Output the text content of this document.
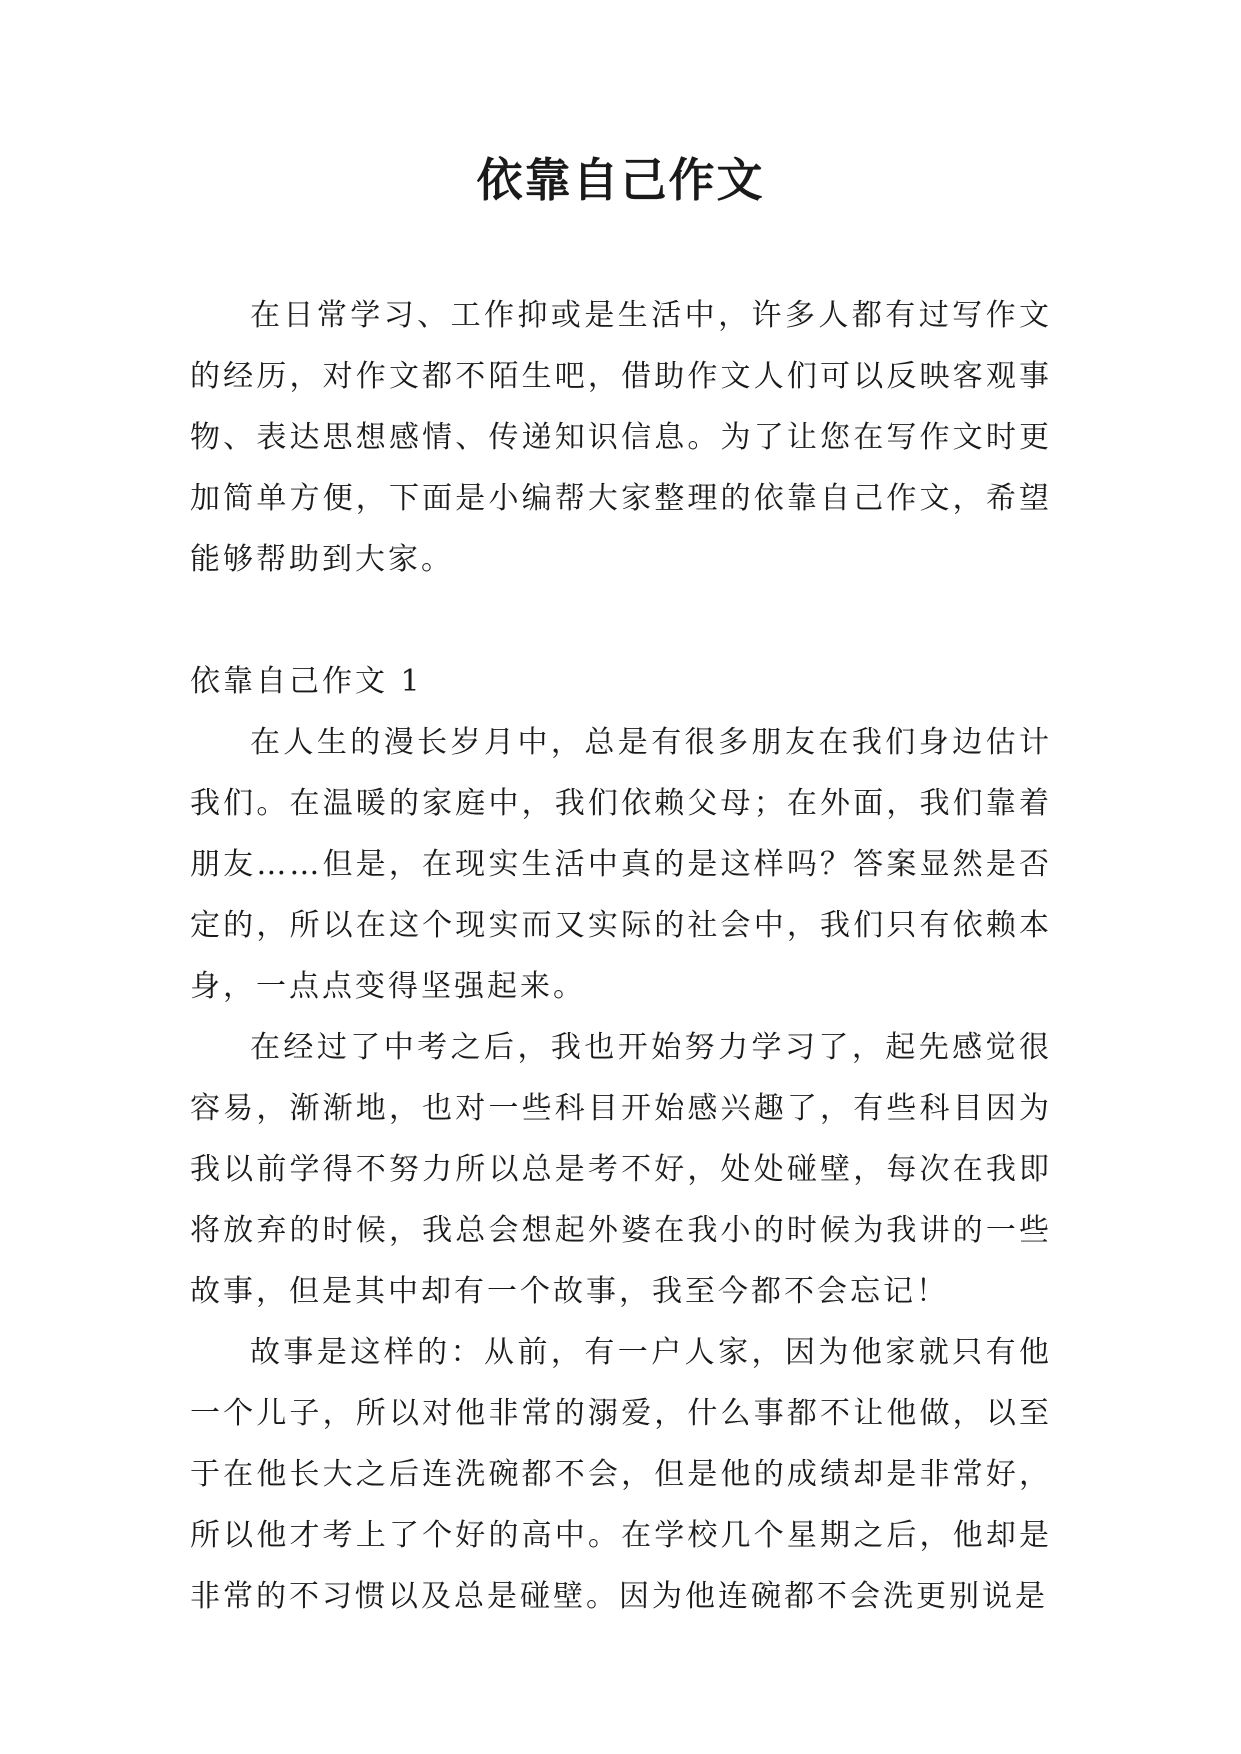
依靠自己作文

在日常学习、工作抑或是生活中，许多人都有过写作文的经历，对作文都不陌生吧，借助作文人们可以反映客观事物、表达思想感情、传递知识信息。为了让您在写作文时更加简单方便，下面是小编帮大家整理的依靠自己作文，希望能够帮助到大家。

依靠自己作文 1

在人生的漫长岁月中，总是有很多朋友在我们身边估计我们。在温暖的家庭中，我们依赖父母；在外面，我们靠着朋友……但是，在现实生活中真的是这样吗？答案显然是否定的，所以在这个现实而又实际的社会中，我们只有依赖本身，一点点变得坚强起来。

在经过了中考之后，我也开始努力学习了，起先感觉很容易，渐渐地，也对一些科目开始感兴趣了，有些科目因为我以前学得不努力所以总是考不好，处处碰壁，每次在我即将放弃的时候，我总会想起外婆在我小的时候为我讲的一些故事，但是其中却有一个故事，我至今都不会忘记！

故事是这样的：从前，有一户人家，因为他家就只有他一个儿子，所以对他非常的溺爱，什么事都不让他做，以至于在他长大之后连洗碗都不会，但是他的成绩却是非常好，所以他才考上了个好的高中。在学校几个星期之后，他却是非常的不习惯以及总是碰壁。因为他连碗都不会洗更别说是
